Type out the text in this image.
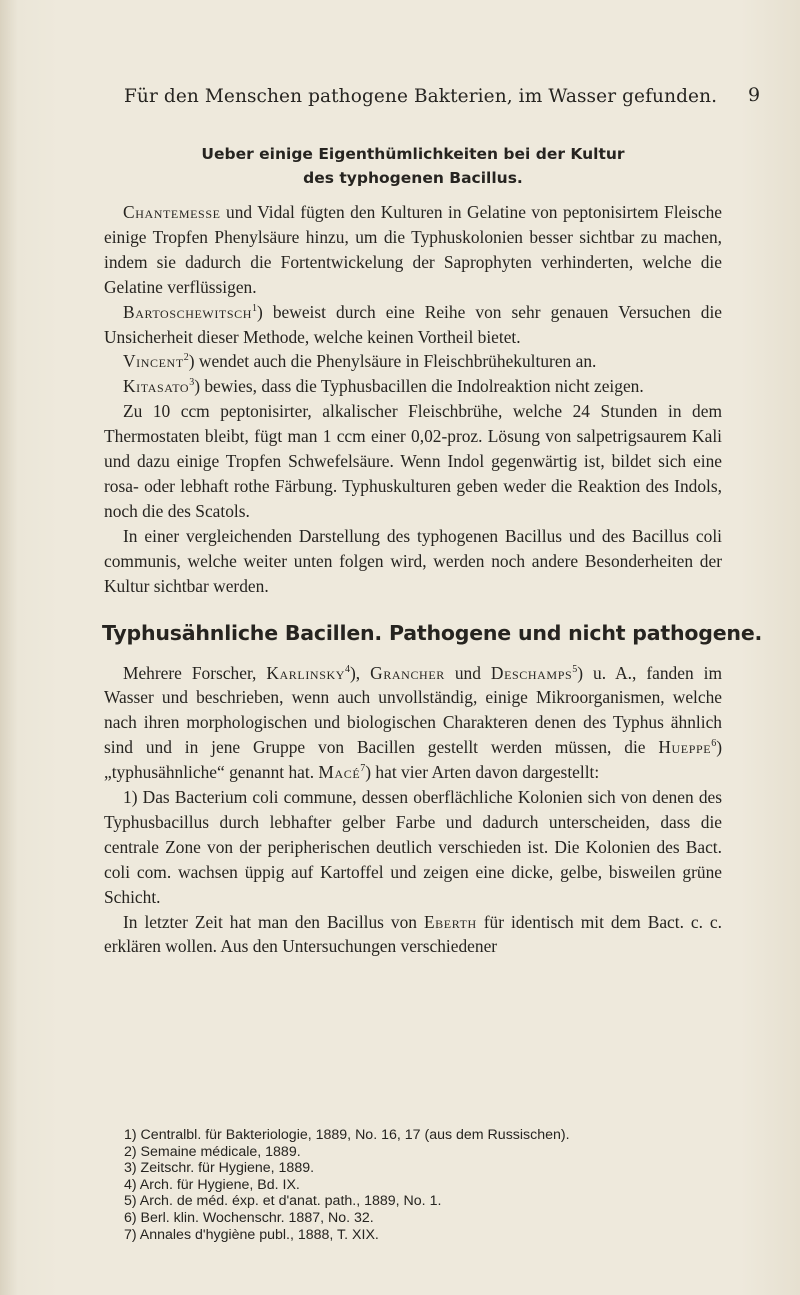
Für den Menschen pathogene Bakterien, im Wasser gefunden. 9
Ueber einige Eigenthümlichkeiten bei der Kultur
des typhogenen Bacillus.

Chantemesse und Vidal fügten den Kulturen in Gelatine von peptonisirtem Fleische einige Tropfen Phenylsäure hinzu, um die Typhuskolonien besser sichtbar zu machen, indem sie dadurch die Fortentwickelung der Saprophyten verhinderten, welche die Gelatine verflüssigen.

Bartoschewitsch$^1$) beweist durch eine Reihe von sehr genauen Versuchen die Unsicherheit dieser Methode, welche keinen Vortheil bietet.

Vincent$^2$) wendet auch die Phenylsäure in Fleischbrühekulturen an.

Kitasato$^3$) bewies, dass die Typhusbacillen die Indolreaktion nicht zeigen.

Zu 10 ccm peptonisirter, alkalischer Fleischbrühe, welche 24 Stunden in dem Thermostaten bleibt, fügt man 1 ccm einer 0,02-proz. Lösung von salpetrigsaurem Kali und dazu einige Tropfen Schwefelsäure. Wenn Indol gegenwärtig ist, bildet sich eine rosa- oder lebhaft rothe Färbung. Typhuskulturen geben weder die Reaktion des Indols, noch die des Scatols.

In einer vergleichenden Darstellung des typhogenen Bacillus und des Bacillus coli communis, welche weiter unten folgen wird, werden noch andere Besonderheiten der Kultur sichtbar werden.

Typhusähnliche Bacillen. Pathogene und nicht pathogene.

Mehrere Forscher, Karlinsky$^4$), Grancher und Deschamps$^5$) u. A., fanden im Wasser und beschrieben, wenn auch unvollständig, einige Mikroorganismen, welche nach ihren morphologischen und biologischen Charakteren denen des Typhus ähnlich sind und in jene Gruppe von Bacillen gestellt werden müssen, die Hueppe$^6$) „typhusähnliche“ genannt hat. Macé$^7$) hat vier Arten davon dargestellt:

1) Das Bacterium coli commune, dessen oberflächliche Kolonien sich von denen des Typhusbacillus durch lebhafter gelber Farbe und dadurch unterscheiden, dass die centrale Zone von der peripherischen deutlich verschieden ist. Die Kolonien des Bact. coli com. wachsen üppig auf Kartoffel und zeigen eine dicke, gelbe, bisweilen grüne Schicht.

In letzter Zeit hat man den Bacillus von Eberth für identisch mit dem Bact. c. c. erklären wollen. Aus den Untersuchungen verschiedener

1) Centralbl. für Bakteriologie, 1889, No. 16, 17 (aus dem Russischen).
2) Semaine médicale, 1889.
3) Zeitschr. für Hygiene, 1889.
4) Arch. für Hygiene, Bd. IX.
5) Arch. de méd. éxp. et d'anat. path., 1889, No. 1.
6) Berl. klin. Wochenschr. 1887, No. 32.
7) Annales d'hygiène publ., 1888, T. XIX.
